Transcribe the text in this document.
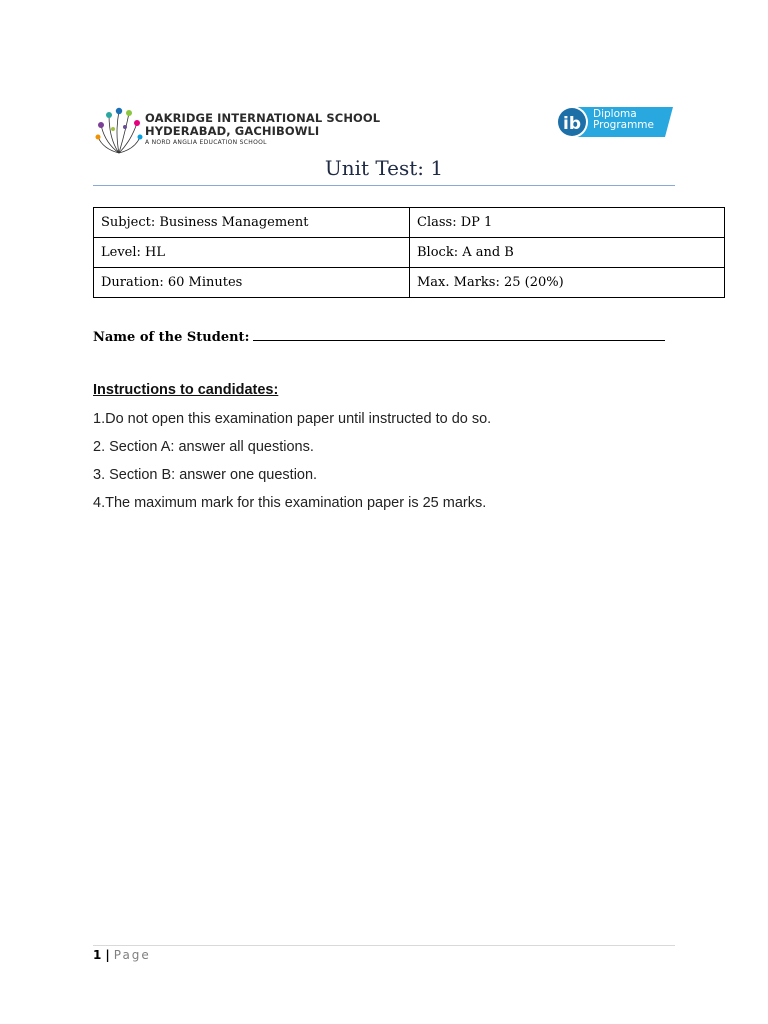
OAKRIDGE INTERNATIONAL SCHOOL
HYDERABAD, GACHIBOWLI
A NORD ANGLIA EDUCATION SCHOOL
ib Diploma
Programme
Unit Test: 1
Subject: Business Management	Class: DP 1
Level: HL	Block: A and B
Duration: 60 Minutes	Max. Marks: 25 (20%)
Name of the Student:
Instructions to candidates:
1.Do not open this examination paper until instructed to do so.
2. Section A: answer all questions.
3. Section B: answer one question.
4.The maximum mark for this examination paper is 25 marks.
1 | Page
